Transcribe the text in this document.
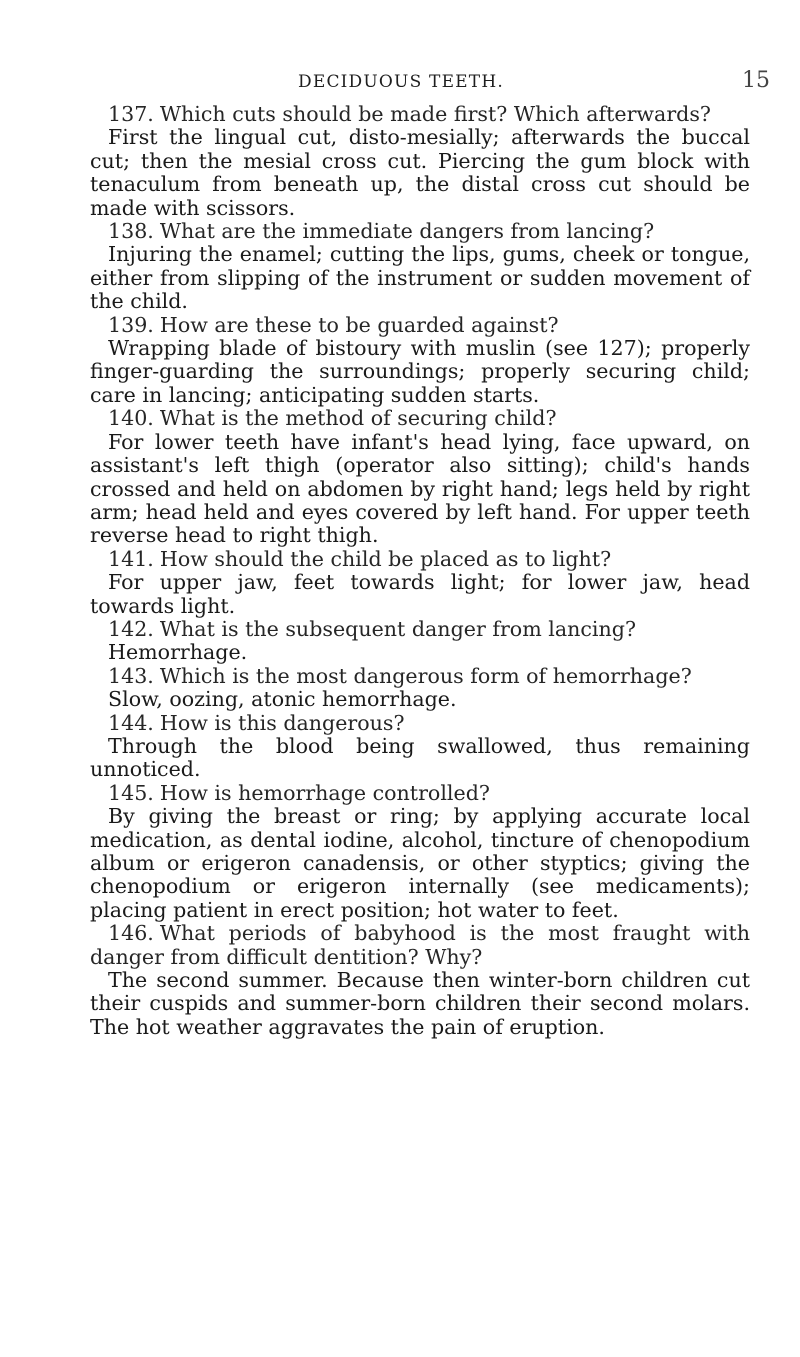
DECIDUOUS TEETH.	15

137. Which cuts should be made first? Which afterwards?

First the lingual cut, disto-mesially; afterwards the buccal cut; then the mesial cross cut. Piercing the gum block with tenaculum from beneath up, the distal cross cut should be made with scissors.

138. What are the immediate dangers from lancing?

Injuring the enamel; cutting the lips, gums, cheek or tongue, either from slipping of the instrument or sudden movement of the child.

139. How are these to be guarded against?

Wrapping blade of bistoury with muslin (see 127); properly finger-guarding the surroundings; properly securing child; care in lancing; anticipating sudden starts.

140. What is the method of securing child?

For lower teeth have infant's head lying, face upward, on assistant's left thigh (operator also sitting); child's hands crossed and held on abdomen by right hand; legs held by right arm; head held and eyes covered by left hand. For upper teeth reverse head to right thigh.

141. How should the child be placed as to light?

For upper jaw, feet towards light; for lower jaw, head towards light.

142. What is the subsequent danger from lancing?

Hemorrhage.

143. Which is the most dangerous form of hemorrhage?

Slow, oozing, atonic hemorrhage.

144. How is this dangerous?

Through the blood being swallowed, thus remaining unnoticed.

145. How is hemorrhage controlled?

By giving the breast or ring; by applying accurate local medication, as dental iodine, alcohol, tincture of chenopodium album or erigeron canadensis, or other styptics; giving the chenopodium or erigeron internally (see medicaments); placing patient in erect position; hot water to feet.

146. What periods of babyhood is the most fraught with danger from difficult dentition? Why?

The second summer. Because then winter-born children cut their cuspids and summer-born children their second molars. The hot weather aggravates the pain of eruption.
